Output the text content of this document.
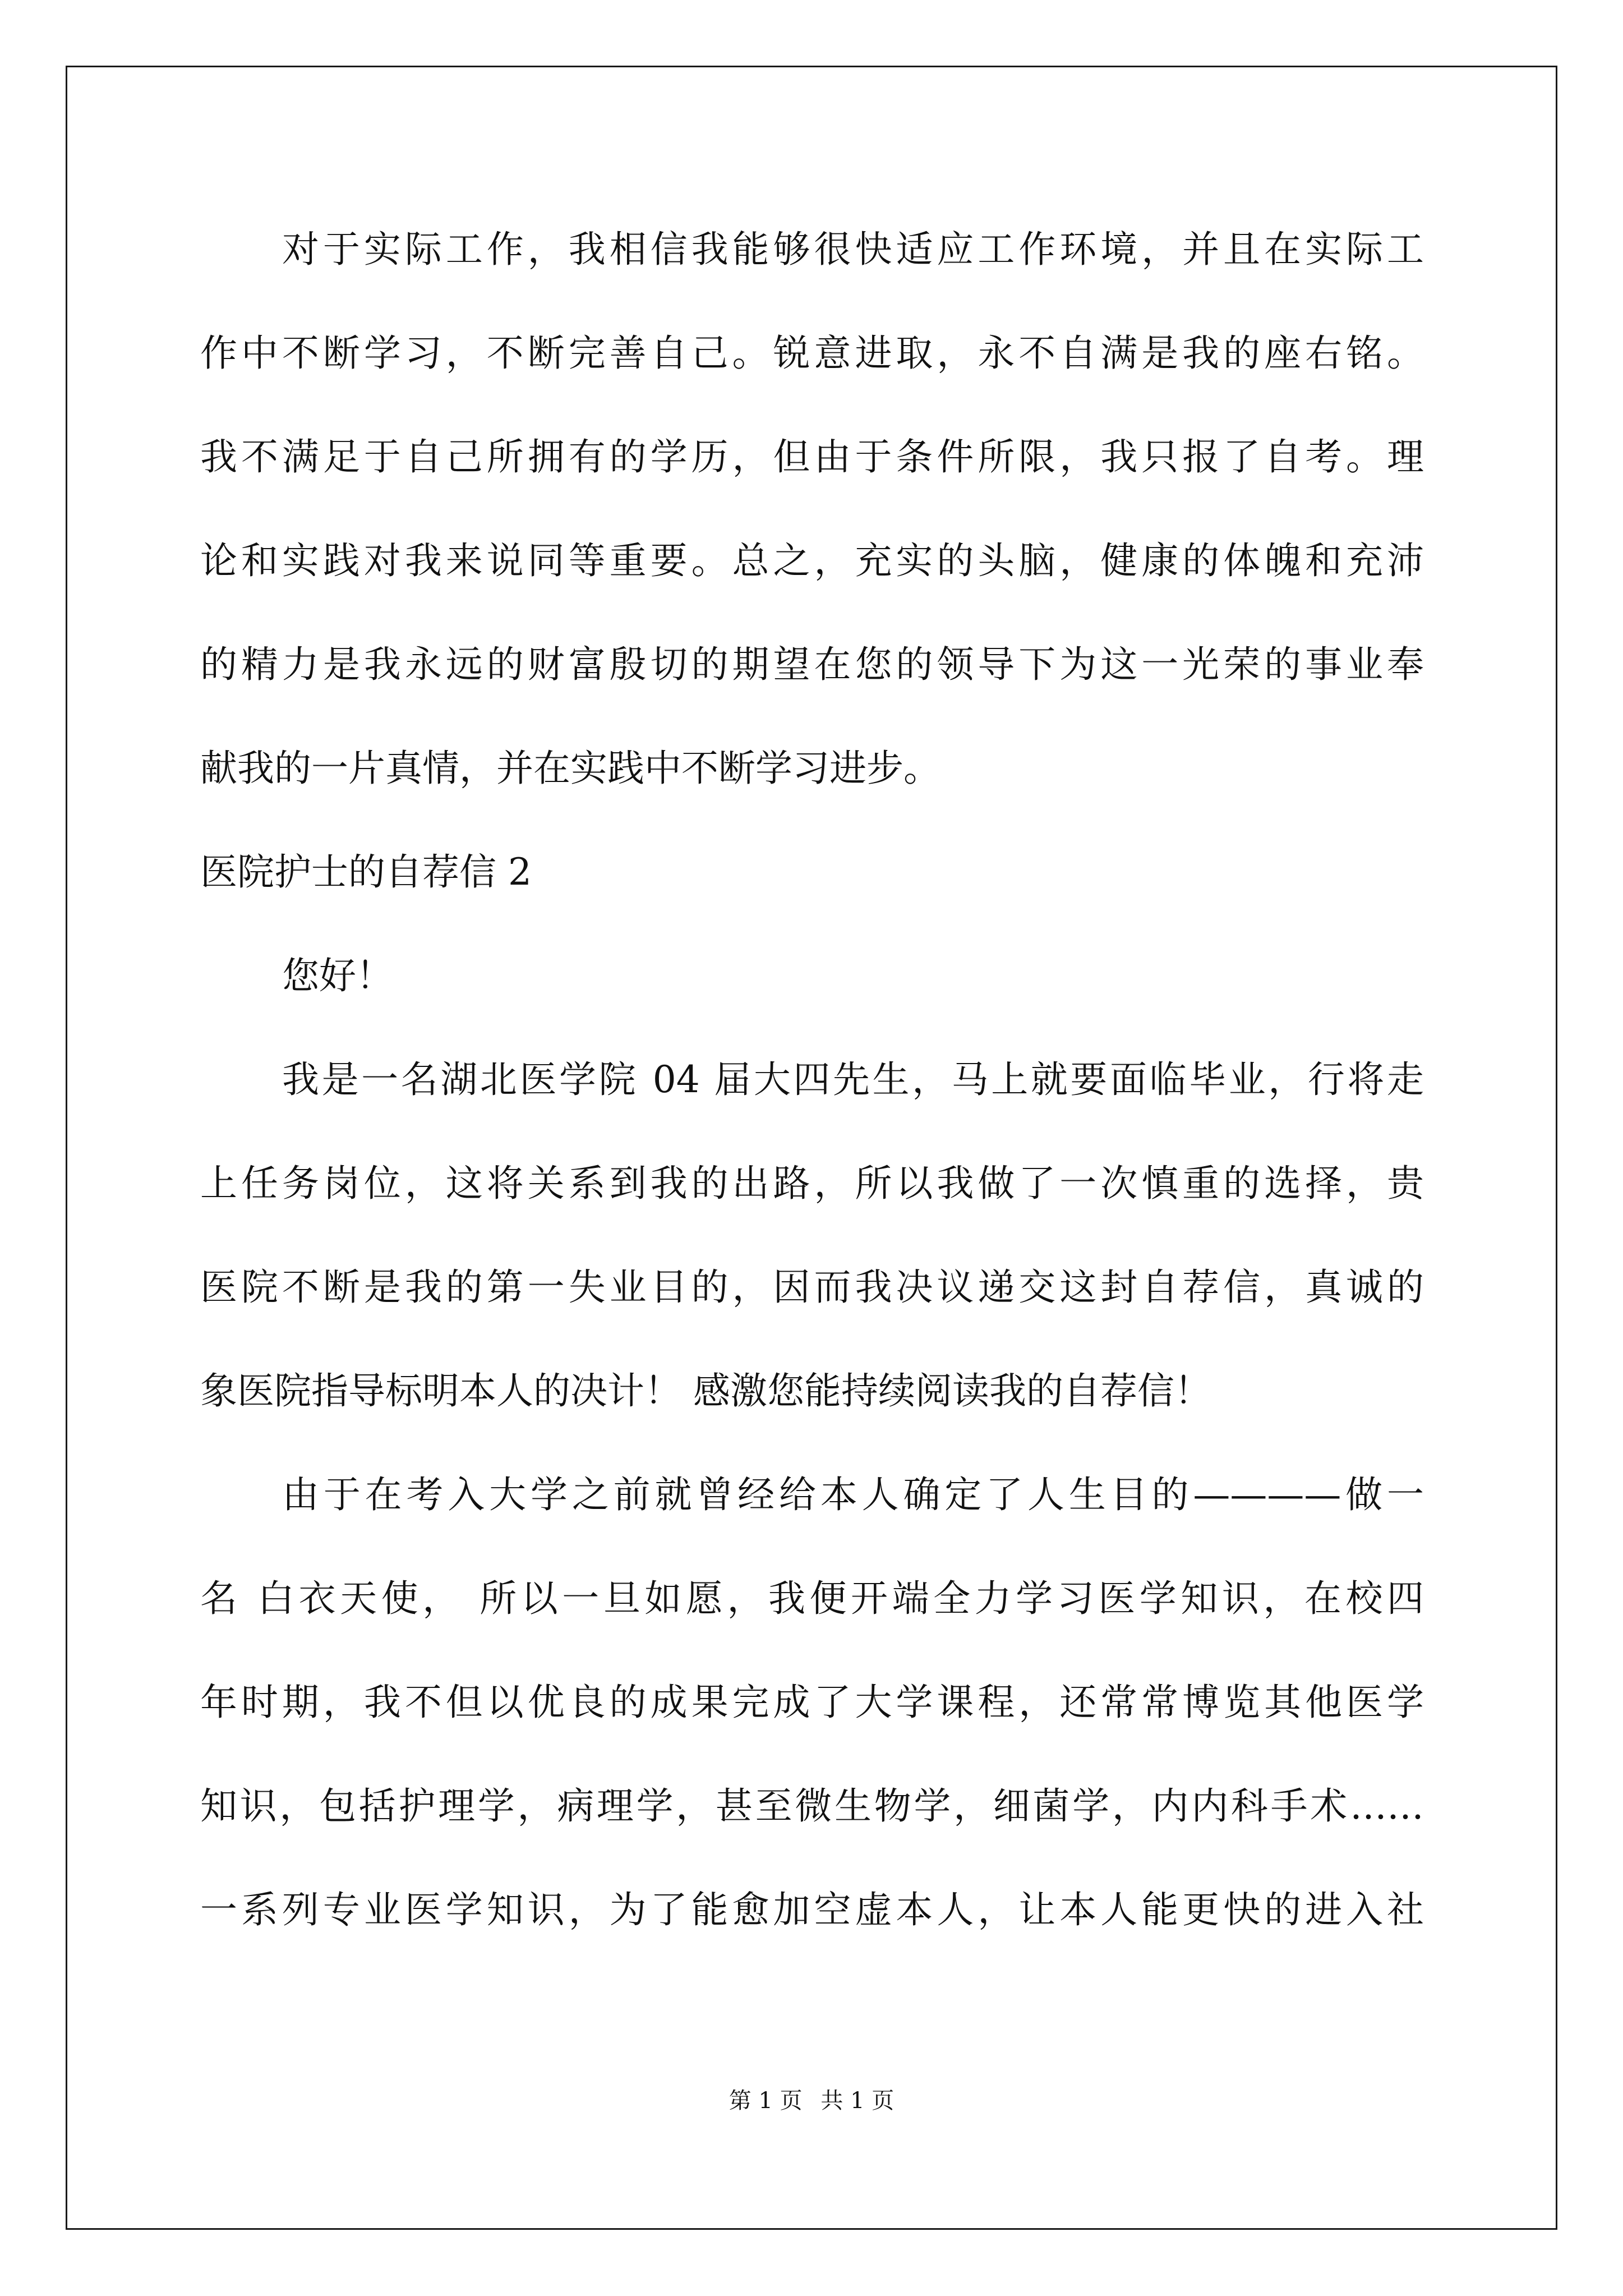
对于实际工作，我相信我能够很快适应工作环境，并且在实际工
作中不断学习，不断完善自己。锐意进取，永不自满是我的座右铭。
我不满足于自己所拥有的学历，但由于条件所限，我只报了自考。理
论和实践对我来说同等重要。总之，充实的头脑，健康的体魄和充沛
的精力是我永远的财富殷切的期望在您的领导下为这一光荣的事业奉
献我的一片真情，并在实践中不断学习进步。
医院护士的自荐信 2
您好！
我是一名湖北医学院 04 届大四先生，马上就要面临毕业，行将走
上任务岗位，这将关系到我的出路，所以我做了一次慎重的选择，贵
医院不断是我的第一失业目的，因而我决议递交这封自荐信，真诚的
象医院指导标明本人的决计！ 感激您能持续阅读我的自荐信！
由于在考入大学之前就曾经给本人确定了人生目的————做一
名 白衣天使， 所以一旦如愿，我便开端全力学习医学知识，在校四
年时期，我不但以优良的成果完成了大学课程，还常常博览其他医学
知识，包括护理学，病理学，甚至微生物学，细菌学，内内科手术……
一系列专业医学知识，为了能愈加空虚本人，让本人能更快的进入社
第 1 页 共 1 页
